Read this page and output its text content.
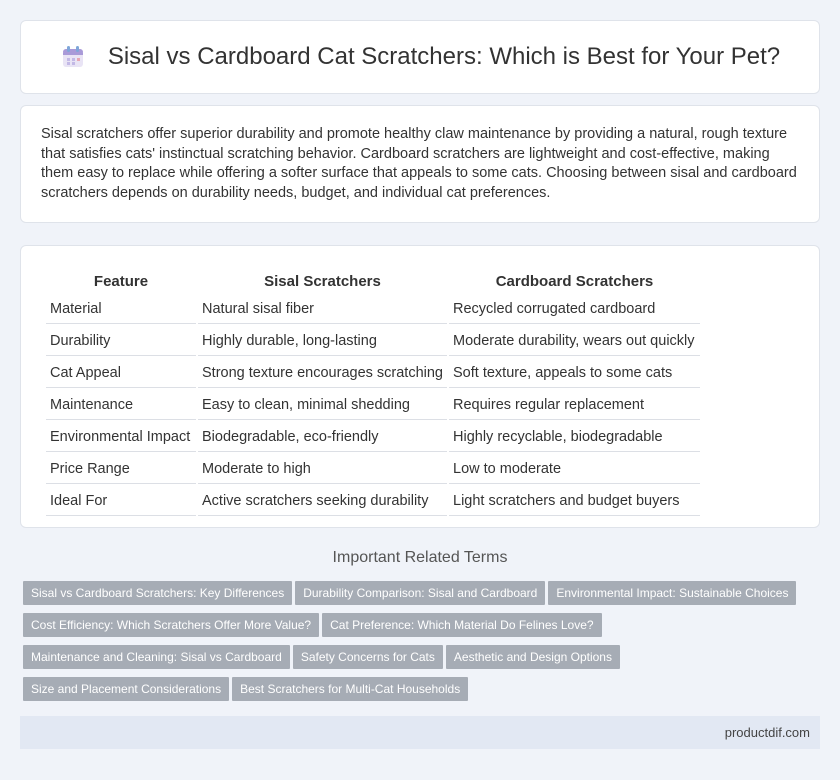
Sisal vs Cardboard Cat Scratchers: Which is Best for Your Pet?

Sisal scratchers offer superior durability and promote healthy claw maintenance by providing a natural, rough texture that satisfies cats' instinctual scratching behavior. Cardboard scratchers are lightweight and cost-effective, making them easy to replace while offering a softer surface that appeals to some cats. Choosing between sisal and cardboard scratchers depends on durability needs, budget, and individual cat preferences.

Feature	Sisal Scratchers	Cardboard Scratchers
Material	Natural sisal fiber	Recycled corrugated cardboard
Durability	Highly durable, long-lasting	Moderate durability, wears out quickly
Cat Appeal	Strong texture encourages scratching	Soft texture, appeals to some cats
Maintenance	Easy to clean, minimal shedding	Requires regular replacement
Environmental Impact	Biodegradable, eco-friendly	Highly recyclable, biodegradable
Price Range	Moderate to high	Low to moderate
Ideal For	Active scratchers seeking durability	Light scratchers and budget buyers
Important Related Terms
Sisal vs Cardboard Scratchers: Key Differences Durability Comparison: Sisal and Cardboard Environmental Impact: Sustainable Choices
Cost Efficiency: Which Scratchers Offer More Value? Cat Preference: Which Material Do Felines Love?
Maintenance and Cleaning: Sisal vs Cardboard Safety Concerns for Cats Aesthetic and Design Options
Size and Placement Considerations Best Scratchers for Multi-Cat Households
productdif.com
